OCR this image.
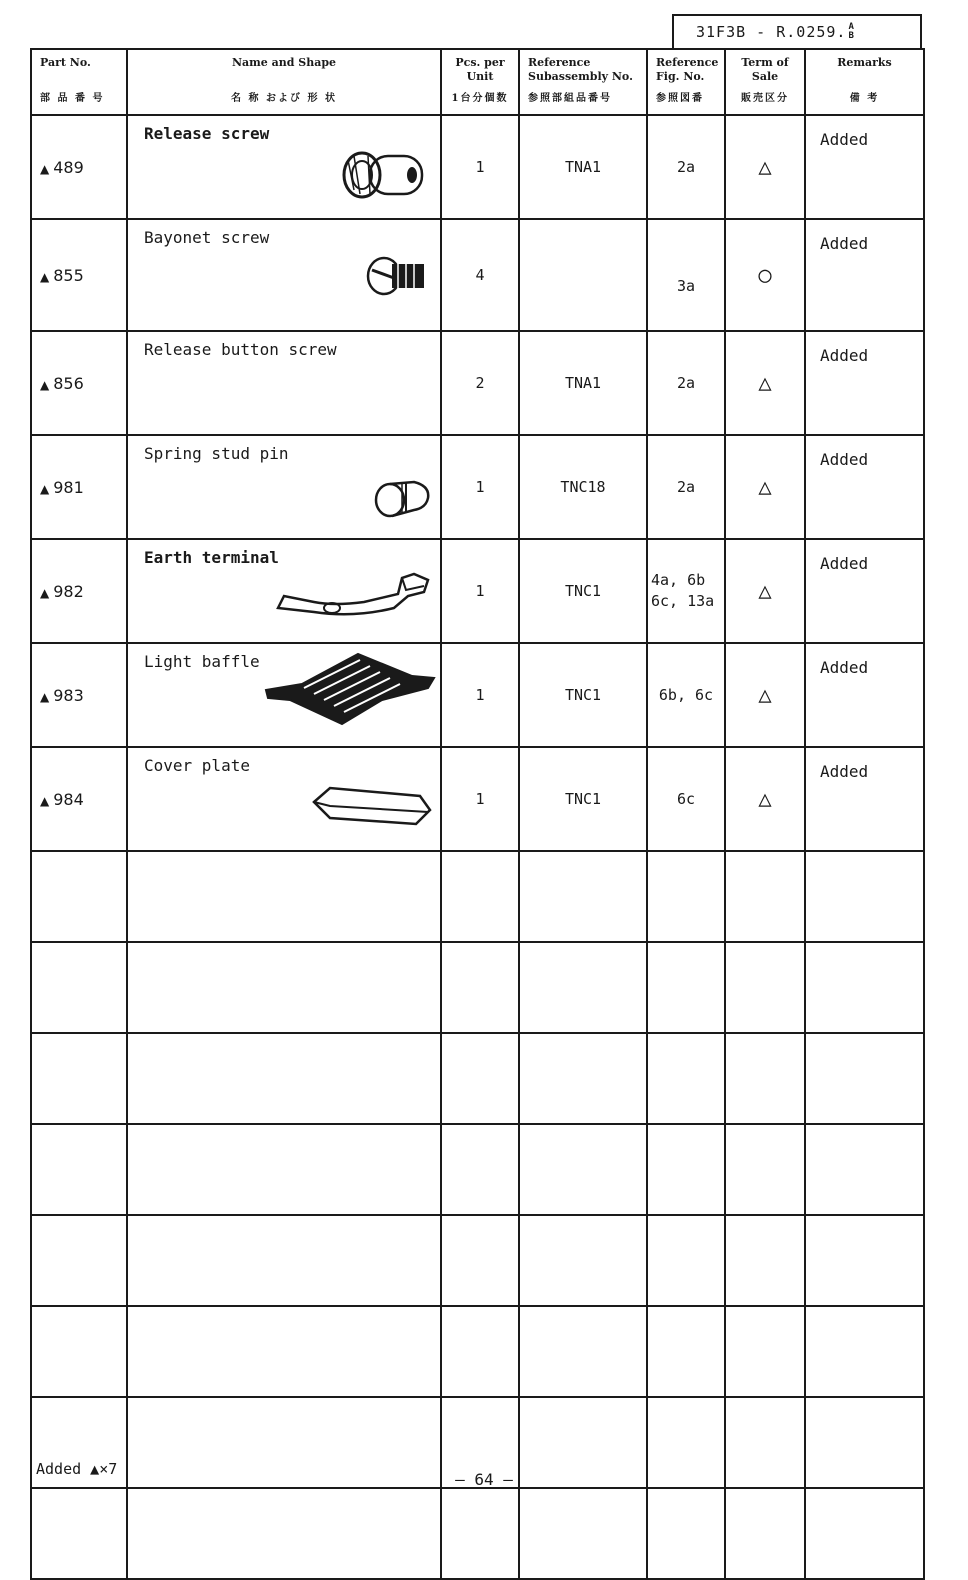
31F3B - R.0259. A
B
Part No.
部 品 番 号	Name and Shape
名 称 および 形 状	Pcs. per
Unit
1台分個数	Reference
Subassembly No.
参照部組品番号	Reference
Fig. No.
参照図番	Term of
Sale
販売区分	Remarks
備 考

▲ 489	Release screw	1	TNA1	2a	△	Added
▲ 855	Bayonet screw	4		3a	○	Added
▲ 856	Release button screw	2	TNA1	2a	△	Added
▲ 981	Spring stud pin	1	TNC18	2a	△	Added
▲ 982	Earth terminal	1	TNC1	4a, 6b
6c, 13a	△	Added
▲ 983	Light baffle	1	TNC1	6b, 6c	△	Added
▲ 984	Cover plate	1	TNC1	6c	△	Added

Added ▲×7
— 64 —
